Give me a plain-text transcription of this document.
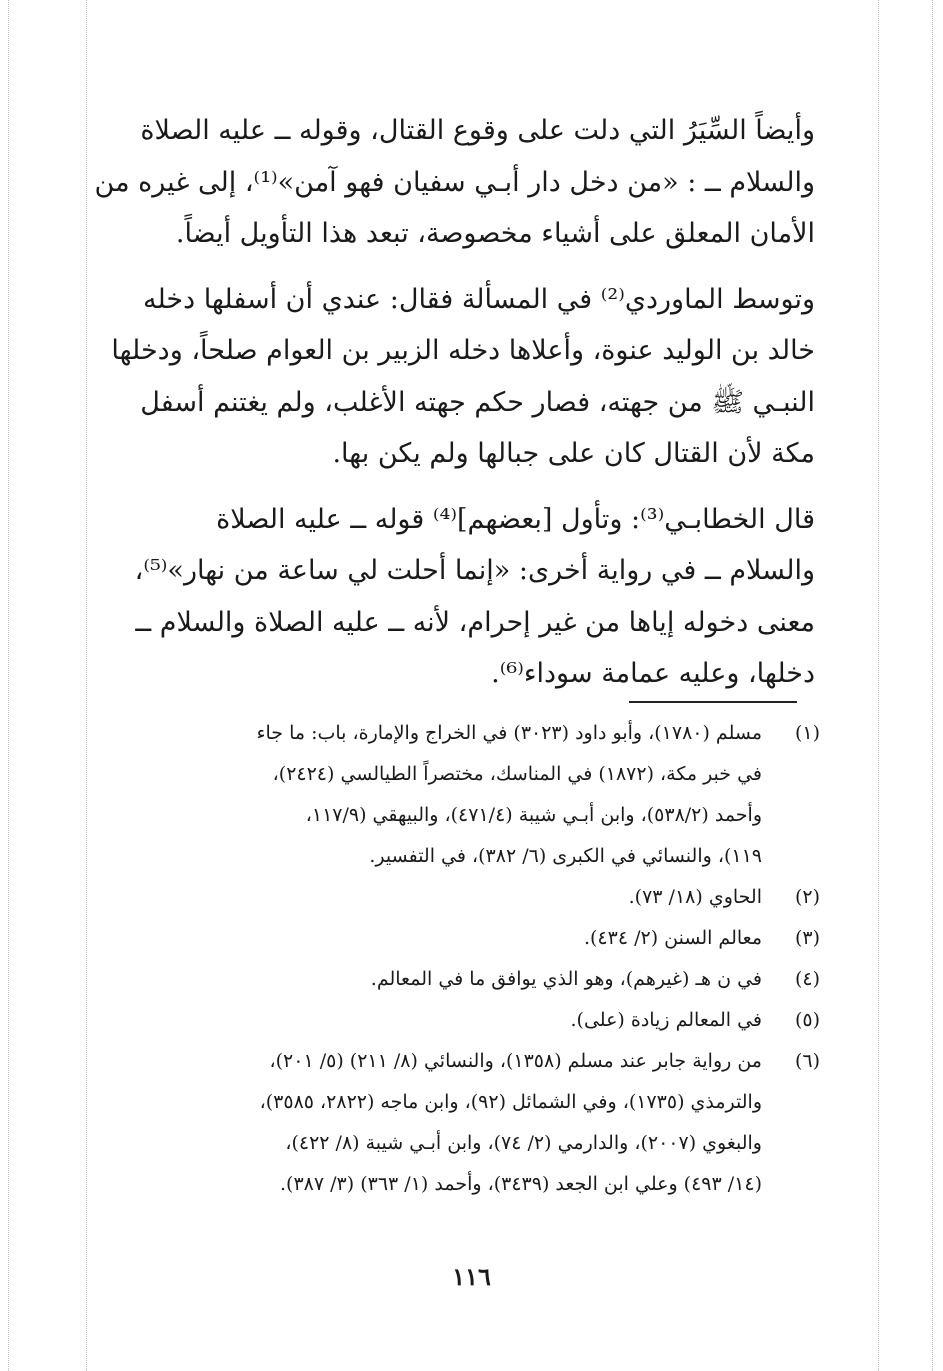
وأيضاً السِّيَرُ التي دلت على وقوع القتال، وقوله ــ عليه الصلاة
والسلام ــ : «من دخل دار أبـي سفيان فهو آمن»⁽¹⁾، إلى غيره من
الأمان المعلق على أشياء مخصوصة، تبعد هذا التأويل أيضاً.

وتوسط الماوردي⁽²⁾ في المسألة فقال: عندي أن أسفلها دخله
خالد بن الوليد عنوة، وأعلاها دخله الزبير بن العوام صلحاً، ودخلها
النبـي ﷺ من جهته، فصار حكم جهته الأغلب، ولم يغتنم أسفل
مكة لأن القتال كان على جبالها ولم يكن بها.

قال الخطابـي⁽³⁾: وتأول [بعضهم]⁽⁴⁾ قوله ــ عليه الصلاة
والسلام ــ في رواية أخرى: «إنما أحلت لي ساعة من نهار»⁽⁵⁾،
معنى دخوله إياها من غير إحرام، لأنه ــ عليه الصلاة والسلام ــ
دخلها، وعليه عمامة سوداء⁽⁶⁾.

(١)
مسلم (١٧٨٠)، وأبو داود (٣٠٢٣) في الخراج والإمارة، باب: ما جاء
في خبر مكة، (١٨٧٢) في المناسك، مختصراً الطيالسي (٢٤٢٤)،
وأحمد (٥٣٨/٢)، وابن أبـي شيبة (٤٧١/٤)، والبيهقي (١١٧/٩،
١١٩)، والنسائي في الكبرى (٦/ ٣٨٢)، في التفسير.
(٢)
الحاوي (١٨/ ٧٣).
(٣)
معالم السنن (٢/ ٤٣٤).
(٤)
في ن هـ (غيرهم)، وهو الذي يوافق ما في المعالم.
(٥)
في المعالم زيادة (على).
(٦)
من رواية جابر عند مسلم (١٣٥٨)، والنسائي (٨/ ٢١١) (٥/ ٢٠١)،
والترمذي (١٧٣٥)، وفي الشمائل (٩٢)، وابن ماجه (٢٨٢٢، ٣٥٨٥)،
والبغوي (٢٠٠٧)، والدارمي (٢/ ٧٤)، وابن أبـي شيبة (٨/ ٤٢٢)،
(١٤/ ٤٩٣) وعلي ابن الجعد (٣٤٣٩)، وأحمد (١/ ٣٦٣) (٣/ ٣٨٧).
١١٦
